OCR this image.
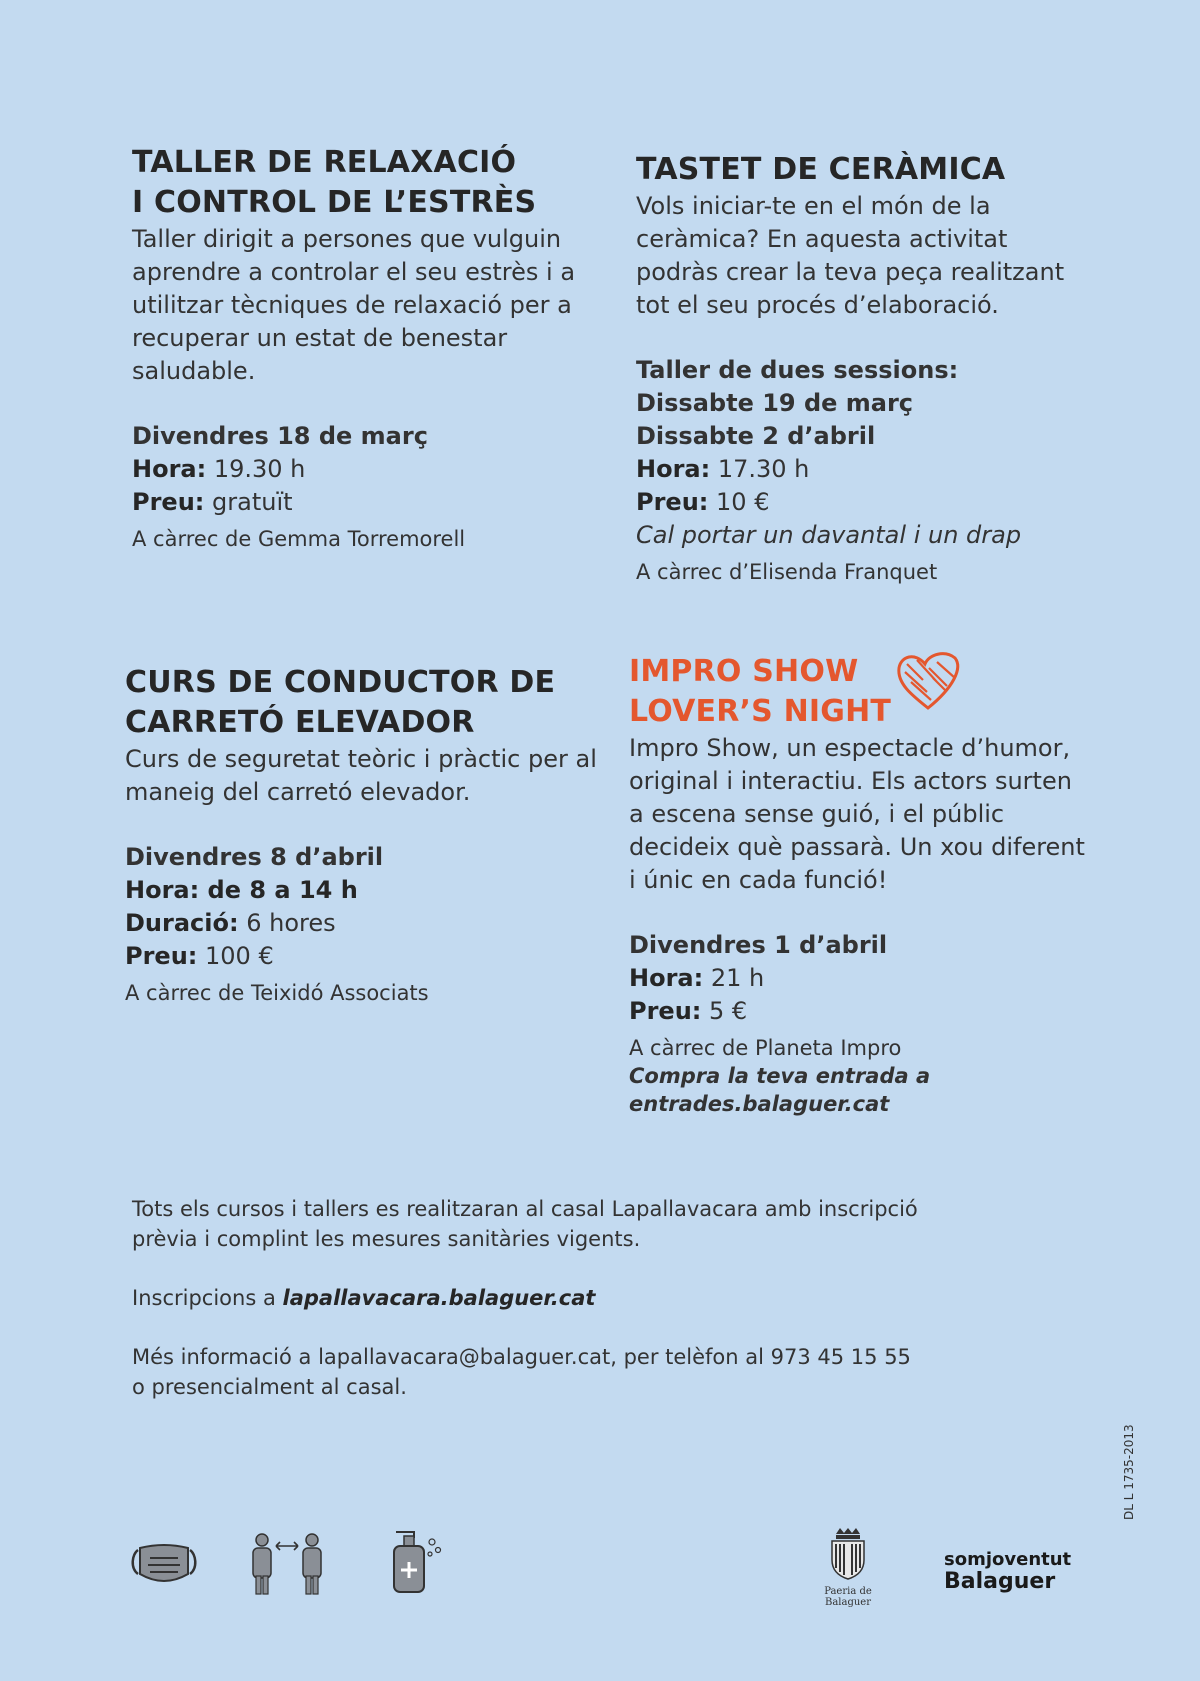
TALLER DE RELAXACIÓ
I CONTROL DE L’ESTRÈS
Taller dirigit a persones que vulguin
aprendre a controlar el seu estrès i a
utilitzar tècniques de relaxació per a
recuperar un estat de benestar
saludable.
Divendres 18 de març
Hora: 19.30 h
Preu: gratuït
A càrrec de Gemma Torremorell
TASTET DE CERÀMICA
Vols iniciar-te en el món de la
ceràmica? En aquesta activitat
podràs crear la teva peça realitzant
tot el seu procés d’elaboració.
Taller de dues sessions:
Dissabte 19 de març
Dissabte 2 d’abril
Hora: 17.30 h
Preu: 10 €
Cal portar un davantal i un drap
A càrrec d’Elisenda Franquet
CURS DE CONDUCTOR DE
CARRETÓ ELEVADOR
Curs de seguretat teòric i pràctic per al
maneig del carretó elevador.
Divendres 8 d’abril
Hora: de 8 a 14 h
Duració: 6 hores
Preu: 100 €
A càrrec de Teixidó Associats
IMPRO SHOW
LOVER’S NIGHT
Impro Show, un espectacle d’humor,
original i interactiu. Els actors surten
a escena sense guió, i el públic
decideix què passarà. Un xou diferent
i únic en cada funció!
Divendres 1 d’abril
Hora: 21 h
Preu: 5 €
A càrrec de Planeta Impro
Compra la teva entrada a
entrades.balaguer.cat
Tots els cursos i tallers es realitzaran al casal Lapallavacara amb inscripció
prèvia i complint les mesures sanitàries vigents.
Inscripcions a lapallavacara.balaguer.cat
Més informació a lapallavacara@balaguer.cat, per telèfon al 973 45 15 55
o presencialment al casal.
Paeria de Balaguer
somjoventut
Balaguer
DL L 1735-2013
